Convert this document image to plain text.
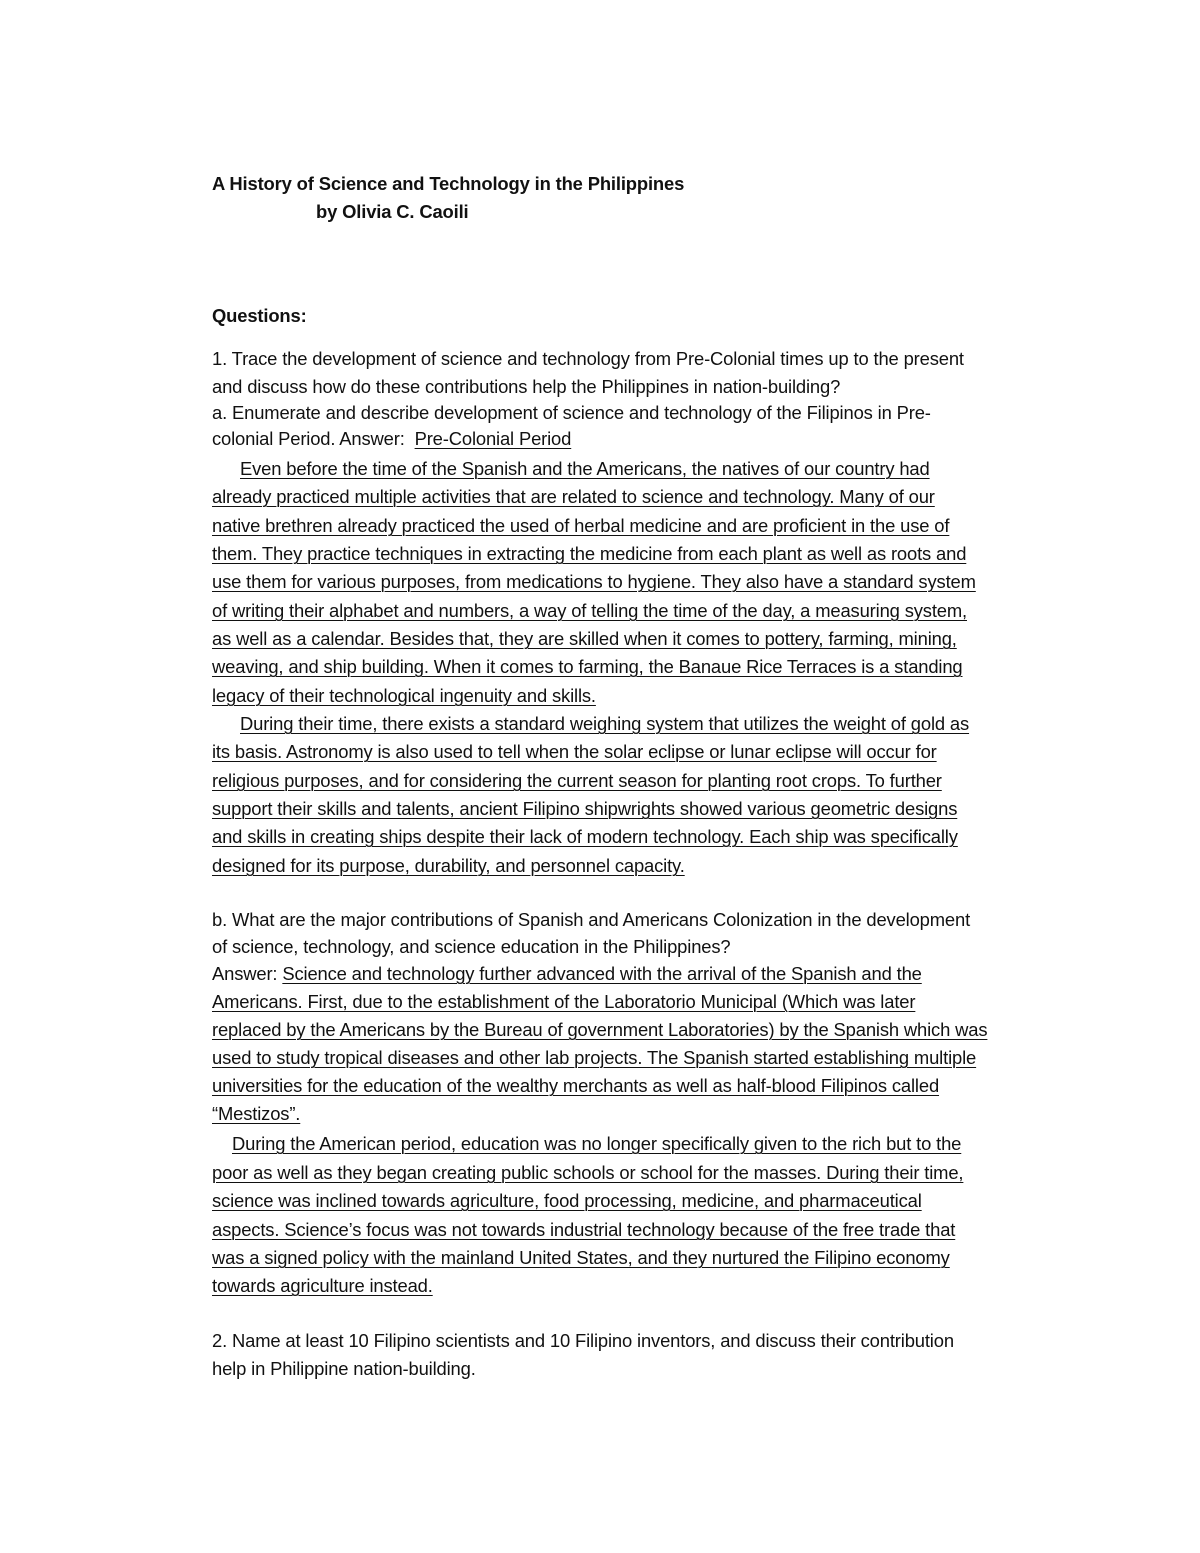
A History of Science and Technology in the Philippines
by Olivia C. Caoili
Questions:
1. Trace the development of science and technology from Pre-Colonial times up to the present
and discuss how do these contributions help the Philippines in nation-building?
a. Enumerate and describe development of science and technology of the Filipinos in Pre-
colonial Period. Answer:  Pre-Colonial Period
Even before the time of the Spanish and the Americans, the natives of our country had
already practiced multiple activities that are related to science and technology. Many of our
native brethren already practiced the used of herbal medicine and are proficient in the use of
them. They practice techniques in extracting the medicine from each plant as well as roots and
use them for various purposes, from medications to hygiene. They also have a standard system
of writing their alphabet and numbers, a way of telling the time of the day, a measuring system,
as well as a calendar. Besides that, they are skilled when it comes to pottery, farming, mining,
weaving, and ship building. When it comes to farming, the Banaue Rice Terraces is a standing
legacy of their technological ingenuity and skills.
During their time, there exists a standard weighing system that utilizes the weight of gold as
its basis. Astronomy is also used to tell when the solar eclipse or lunar eclipse will occur for
religious purposes, and for considering the current season for planting root crops. To further
support their skills and talents, ancient Filipino shipwrights showed various geometric designs
and skills in creating ships despite their lack of modern technology. Each ship was specifically
designed for its purpose, durability, and personnel capacity.
b. What are the major contributions of Spanish and Americans Colonization in the development
of science, technology, and science education in the Philippines?
Answer: Science and technology further advanced with the arrival of the Spanish and the
Americans. First, due to the establishment of the Laboratorio Municipal (Which was later
replaced by the Americans by the Bureau of government Laboratories) by the Spanish which was
used to study tropical diseases and other lab projects. The Spanish started establishing multiple
universities for the education of the wealthy merchants as well as half-blood Filipinos called
“Mestizos”.
During the American period, education was no longer specifically given to the rich but to the
poor as well as they began creating public schools or school for the masses. During their time,
science was inclined towards agriculture, food processing, medicine, and pharmaceutical
aspects. Science’s focus was not towards industrial technology because of the free trade that
was a signed policy with the mainland United States, and they nurtured the Filipino economy
towards agriculture instead.
2. Name at least 10 Filipino scientists and 10 Filipino inventors, and discuss their contribution
help in Philippine nation-building.
